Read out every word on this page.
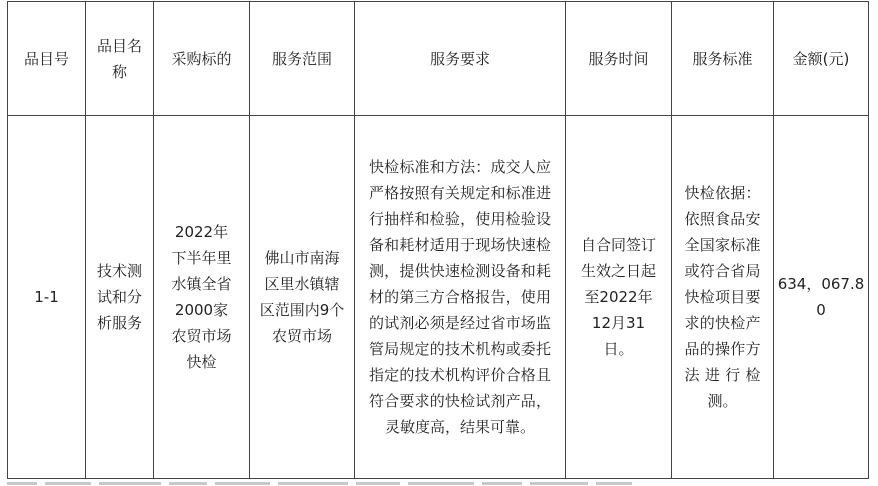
品目号	品目名称	采购标的	服务范围	服务要求	服务时间	服务标准	金额(元)

1-1	技术测试和分析服务	2022年下半年里水镇全省2000家农贸市场快检	佛山市南海区里水镇辖区范围内9个农贸市场	快检标准和方法：成交人应严格按照有关规定和标准进行抽样和检验，使用检验设备和耗材适用于现场快速检测，提供快速检测设备和耗材的第三方合格报告，使用的试剂必须是经过省市场监管局规定的技术机构或委托指定的技术机构评价合格且符合要求的快检试剂产品，灵敏度高，结果可靠。	自合同签订生效之日起至2022年12月31日。	快检依据：依照食品安全国家标准或符合省局快检项目要求的快检产品的操作方法进行检测。	634，067.80
